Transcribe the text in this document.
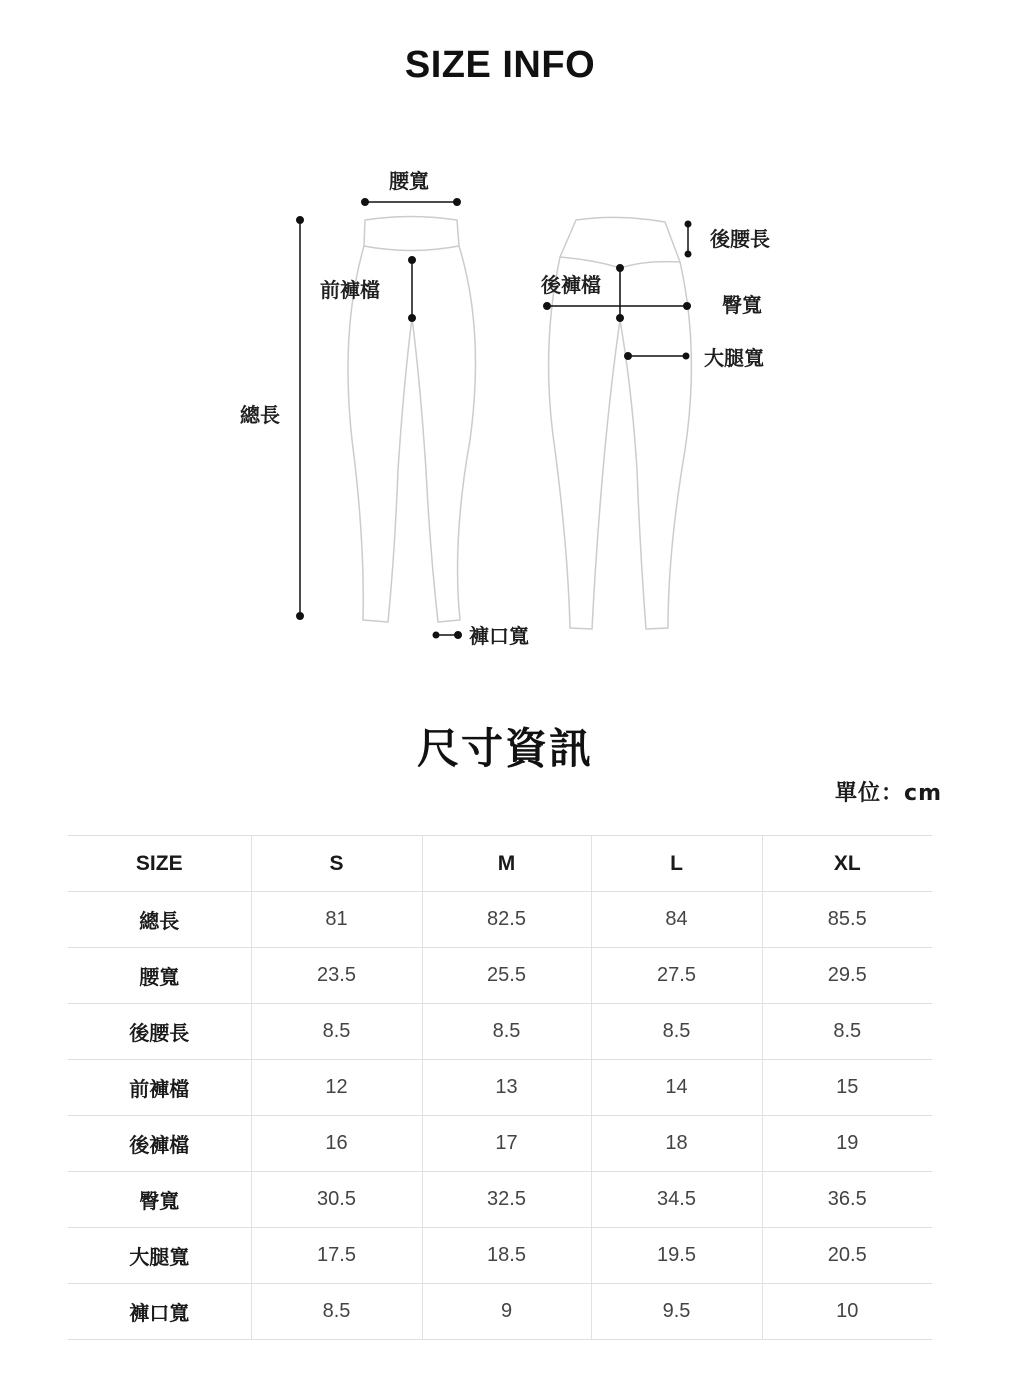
SIZE INFO
腰寬
前褲檔
總長
褲口寬
後褲檔
後腰長
臀寬
大腿寬
尺寸資訊
單位：cm
SIZE	S	M	L	XL
總長	81	82.5	84	85.5
腰寬	23.5	25.5	27.5	29.5
後腰長	8.5	8.5	8.5	8.5
前褲檔	12	13	14	15
後褲檔	16	17	18	19
臀寬	30.5	32.5	34.5	36.5
大腿寬	17.5	18.5	19.5	20.5
褲口寬	8.5	9	9.5	10
